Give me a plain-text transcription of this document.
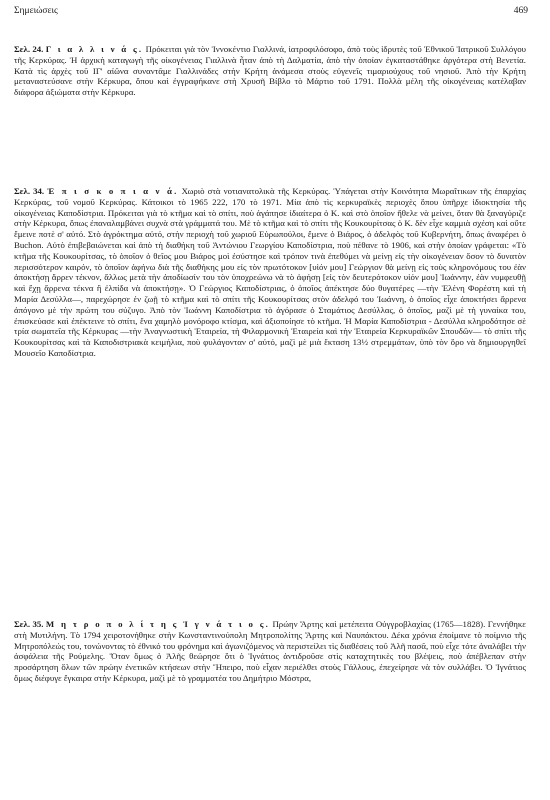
Σημειώσεις	469
Σελ. 24. Γ ι α λ λ ι ν ά ς. Πρόκειται γιὰ τὸν Ἰννοκέντιο Γιαλλινά, ἰατροφιλόσοφο, ἀπὸ τοὺς ἱδρυτὲς τοῦ Ἐθνικοῦ Ἰατρικοῦ Συλλόγου τῆς Κερκύρας. Ἡ ἀρχικὴ καταγωγὴ τῆς οἰκογένειας Γιαλλινὰ ἦταν ἀπὸ τὴ Δαλματία, ἀπὸ τὴν ὁποίαν ἐγκαταστάθηκε ἀργότερα στὴ Βενετία. Κατὰ τὶς ἀρχὲς τοῦ ΙΓ' αἰῶνα συναντᾶμε Γιαλλινάδες στὴν Κρήτη ἀνάμεσα στοὺς εὐγενεῖς τιμαριούχους τοῦ νησιοῦ. Ἀπὸ τὴν Κρήτη μεταναστεύσανε στὴν Κέρκυρα, ὅπου καὶ ἐγγραφήκανε στὴ Χρυσῆ Βίβλο τὸ Μάρτιο τοῦ 1791. Πολλὰ μέλη τῆς οἰκογένειας κατέλαβαν διάφορα ἀξιώματα στὴν Κέρκυρα.
Σελ. 34. Ἐ π ι σ κ ο π ι α ν ά. Χωριὸ στὰ νοτιανατολικὰ τῆς Κερκύρας. Ὑπάγεται στὴν Κοινότητα Μωραΐτικων τῆς ἐπαρχίας Κερκύρας, τοῦ νομοῦ Κερκύρας. Κάτοικοι τὸ 1965 222, 170 τὸ 1971. Μία ἀπὸ τὶς κερκυραϊκὲς περιοχὲς ὅπου ὑπῆρχε ἰδιοκτησία τῆς οἰκογένειας Καποδίστρια. Πρόκειται γιὰ τὸ κτῆμα καὶ τὸ σπίτι, ποὺ ἀγάπησε ἰδιαίτερα ὁ Κ. καὶ στὸ ὁποῖον ἤθελε νὰ μείνει, ὅταν θὰ ξαναγύριζε στὴν Κέρκυρα, ὅπως ἐπαναλαμβάνει συχνὰ στὰ γράμματά του. Μὲ τὸ κτῆμα καὶ τὸ σπίτι τῆς Κουκουρίτσας ὁ Κ. δὲν εἶχε καμμιὰ σχέση καὶ οὔτε ἔμεινε ποτὲ σ' αὐτό. Στὸ ἀγρόκτημα αὐτό, στὴν περιοχὴ τοῦ χωριοῦ Εὐρωπούλοι, ἔμενε ὁ Βιάρος, ὁ ἀδελφὸς τοῦ Κυβερνήτη, ὅπως ἀναφέρει ὁ Buchon. Αὐτὸ ἐπιβεβαιώνεται καὶ ἀπὸ τὴ διαθήκη τοῦ Ἀντώνιου Γεωργίου Καποδίστρια, ποὺ πέθανε τὸ 1906, καὶ στὴν ὁποίαν γράφεται: «Τὸ κτῆμα τῆς Κουκουρίτσας, τὸ ὁποῖον ὁ θεῖος μου Βιάρος μοὶ ἐσύστησε καὶ τρόπον τινὰ ἐπεθύμει νὰ μείνῃ εἰς τὴν οἰκογένειαν ὅσον τὸ δυνατὸν περισσότερον καιρόν, τὸ ὁποῖον ἀφήνω διὰ τῆς διαθήκης μου εἰς τὸν πρωτότοκον [υἱόν μου] Γεώργιον θὰ μείνῃ εἰς τοὺς κληρονόμους του ἐὰν ἀποκτήσῃ ἄρρεν τέκνον, ἄλλως μετὰ τὴν ἀποδίωσίν του τὸν ὑποχρεώνω νὰ τὸ ἀφήσῃ [εἰς τὸν δευτερότοκον υἱόν μου] Ἰωάννην, ἐὰν νυμφευθῇ καὶ ἔχῃ ἄρρενα τέκνα ἢ ἐλπίδα νὰ ἀποκτήσῃ». Ὁ Γεώργιος Καποδίστριας, ὁ ὁποῖος ἀπέκτησε δύο θυγατέρες —τὴν Ἐλένη Φορέστη καὶ τὴ Μαρία Δεσύλλα—, παρεχώρησε ἐν ζωῇ τὸ κτῆμα καὶ τὸ σπίτι τῆς Κουκουρίτσας στὸν ἀδελφό του Ἰωάννη, ὁ ὁποῖος εἶχε ἀποκτήσει ἄρρενα ἀπόγονο μὲ τὴν πρώτη του σύζυγο. Ἀπὸ τὸν Ἰωάννη Καποδίστρια τὸ ἀγόρασε ὁ Σταμάτιος Δεσύλλας, ὁ ὁποῖος, μαζὶ μὲ τὴ γυναίκα του, ἐπισκεύασε καὶ ἐπέκτεινε τὸ σπίτι, ἕνα χαμηλὸ μονόροφο κτίσμα, καὶ ἀξιοποίησε τὸ κτῆμα. Ἡ Μαρία Καποδίστρια - Δεσύλλα κληροδότησε σὲ τρία σωματεῖα τῆς Κέρκυρας —τὴν Ἀναγνωστικὴ Ἑταιρεία, τὴ Φιλαρμονικὴ Ἑταιρεία καὶ τὴν Ἑταιρεία Κερκυραϊκῶν Σπουδῶν— τὸ σπίτι τῆς Κουκουρίτσας καὶ τὰ Καποδιστριακὰ κειμήλια, ποὺ φυλάγονταν σ' αὐτό, μαζὶ μὲ μιὰ ἔκταση 13½ στρεμμάτων, ὑπὸ τὸν ὅρο νὰ δημιουργηθεῖ Μουσεῖο Καποδίστρια.
Σελ. 35. Μ η τ ρ ο π ο λ ί τ η ς Ἰ γ ν ά τ ι ο ς. Πρώην Ἄρτης καὶ μετέπειτα Οὐγγροβλαχίας (1765—1828). Γεννήθηκε στὴ Μυτιλήνη. Τὸ 1794 χειροτονήθηκε στὴν Κωνσταντινούπολη Μητροπολίτης Ἄρτης καὶ Ναυπάκτου. Δέκα χρόνια ἐποίμανε τὸ ποίμνιο τῆς Μητροπόλεώς του, τονώνοντας τὸ ἐθνικό του φρόνημα καὶ ἀγωνιζόμενος νὰ περιστείλει τὶς διαθέσεις τοῦ Ἀλῆ πασᾶ, ποὺ εἶχε τότε ἀναλάβει τὴν ἀσφάλεια τῆς Ρούμελης. Ὅταν ὅμως ὁ Ἀλῆς θεώρησε ὅτι ὁ Ἰγνάτιος ἀντιδροῦσε στὶς καταχτητικὲς του βλέψεις, ποὺ ἀπέβλεπαν στὴν προσάρτηση ὅλων τῶν πρώην ἐνετικῶν κτήσεων στὴν Ἤπειρο, ποὺ εἶχαν περιέλθει στοὺς Γάλλους, ἐπεχείρησε νὰ τὸν συλλάβει. Ὁ Ἰγνάτιος ὅμως διέφυγε ἔγκαιρα στὴν Κέρκυρα, μαζὶ μὲ τὸ γραμματέα του Δημήτριο Μόστρα,
